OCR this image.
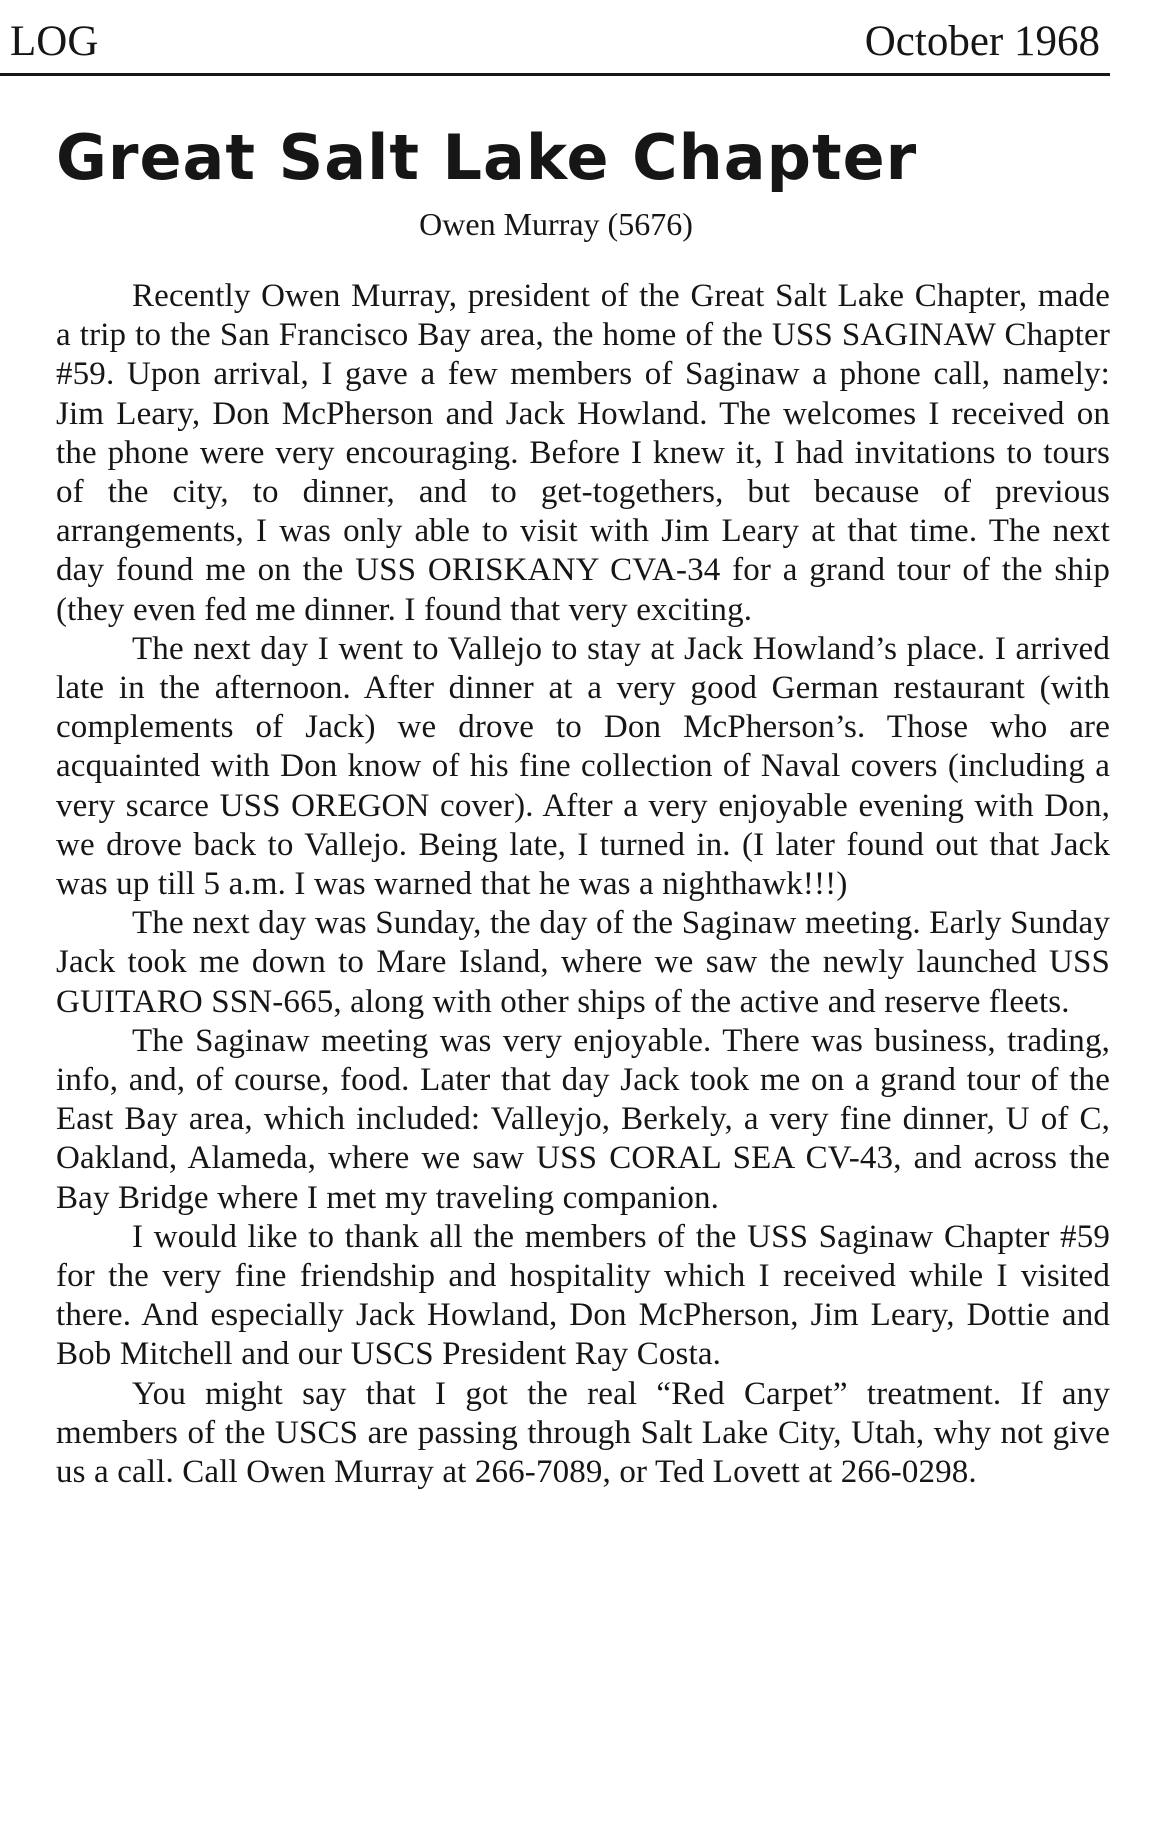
LOG	October 1968
Great Salt Lake Chapter
Owen Murray (5676)

Recently Owen Murray, president of the Great Salt Lake Chapter, made a trip to the San Francisco Bay area, the home of the USS SAGINAW Chapter #59. Upon arrival, I gave a few members of Saginaw a phone call, namely: Jim Leary, Don McPherson and Jack Howland. The welcomes I received on the phone were very encouraging. Before I knew it, I had invitations to tours of the city, to dinner, and to get-togethers, but because of previous arrangements, I was only able to visit with Jim Leary at that time. The next day found me on the USS ORISKANY CVA-34 for a grand tour of the ship (they even fed me dinner. I found that very exciting.

The next day I went to Vallejo to stay at Jack Howland’s place. I arrived late in the afternoon. After dinner at a very good German restaurant (with complements of Jack) we drove to Don McPherson’s. Those who are acquainted with Don know of his fine collection of Naval covers (including a very scarce USS OREGON cover). After a very enjoyable evening with Don, we drove back to Vallejo. Being late, I turned in. (I later found out that Jack was up till 5 a.m. I was warned that he was a nighthawk!!!)

The next day was Sunday, the day of the Saginaw meeting. Early Sunday Jack took me down to Mare Island, where we saw the newly launched USS GUITARO SSN-665, along with other ships of the active and reserve fleets.

The Saginaw meeting was very enjoyable. There was business, trading, info, and, of course, food. Later that day Jack took me on a grand tour of the East Bay area, which included: Valleyjo, Berkely, a very fine dinner, U of C, Oakland, Alameda, where we saw USS CORAL SEA CV-43, and across the Bay Bridge where I met my traveling companion.

I would like to thank all the members of the USS Saginaw Chapter #59 for the very fine friendship and hospitality which I received while I visited there. And especially Jack Howland, Don McPherson, Jim Leary, Dottie and Bob Mitchell and our USCS President Ray Costa.

You might say that I got the real “Red Carpet” treatment. If any members of the USCS are passing through Salt Lake City, Utah, why not give us a call. Call Owen Murray at 266-7089, or Ted Lovett at 266-0298.
